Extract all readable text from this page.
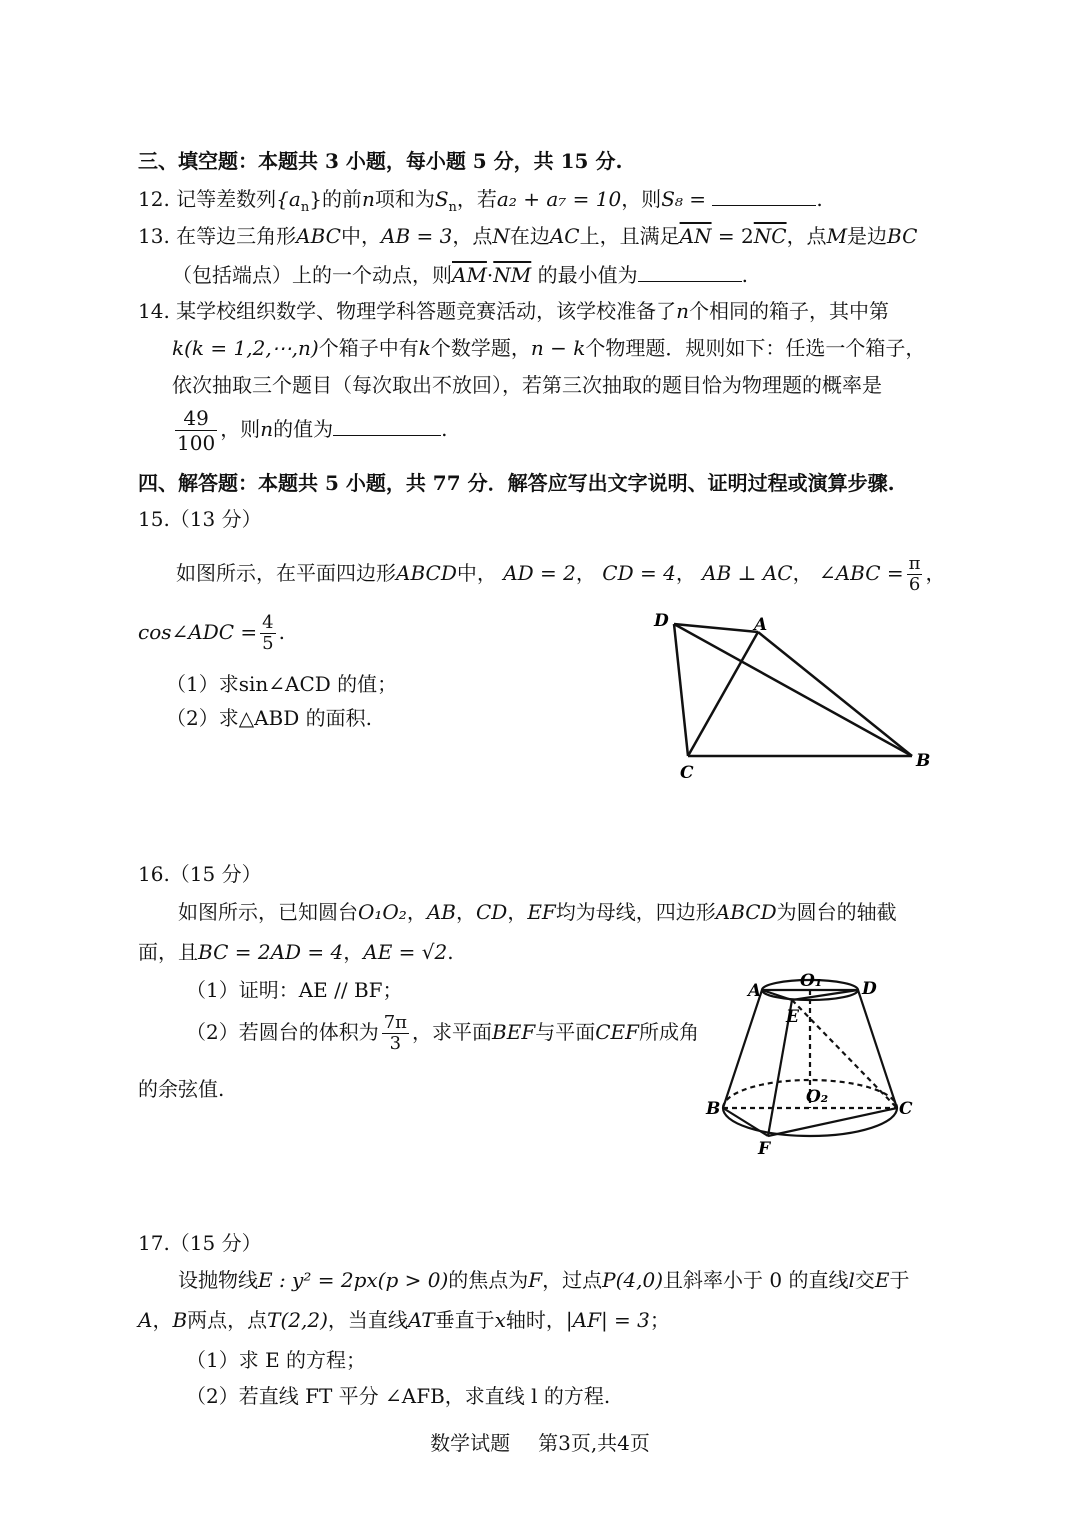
三、填空题：本题共 3 小题，每小题 5 分，共 15 分.
12. 记等差数列$\{a_n\}$的前n项和为$S_n$，若a₂ + a₇ = 10，则S₈ =	.
13. 在等边三角形ABC中，AB = 3，点N在边AC上，且满足$\overline{AN} = 2\overline{NC}$，点M是边BC
（包括端点）上的一个动点，则$\overline{AM}\cdot\overline{NM}$ 的最小值为	.
14. 某学校组织数学、物理学科答题竞赛活动，该学校准备了n个相同的箱子，其中第
k(k = 1,2,⋯,n)个箱子中有k个数学题，n − k个物理题．规则如下：任选一个箱子，
依次抽取三个题目（每次取出不放回），若第三次抽取的题目恰为物理题的概率是
$\frac{49}{100}$ ，则n的值为	.
四、解答题：本题共 5 小题，共 77 分．解答应写出文字说明、证明过程或演算步骤.
15.（13 分）
如图所示，在平面四边形ABCD中， AD = 2， CD = 4， AB ⊥ AC， ∠ABC = $\frac{\pi}{6}$ ，
cos∠ADC = $\frac{4}{5}$ .
（1）求sin∠ACD 的值；
（2）求△ABD 的面积.
D	A
B
C
16.（15 分）
如图所示，已知圆台O₁O₂，AB，CD，EF均为母线，四边形ABCD为圆台的轴截
面，且BC = 2AD = 4，AE = √2.
（1）证明：AE // BF；
（2）若圆台的体积为 $\frac{7\pi}{3}$ ，求平面BEF与平面CEF所成角
的余弦值.
A	D
O₁
E
O₂
B	C
F
17.（15 分）
设抛物线E : y² = 2px(p > 0)的焦点为F，过点P(4,0)且斜率小于 0 的直线l交E于
A，B两点，点T(2,2)，当直线AT垂直于x轴时，|AF| = 3；
（1）求 E 的方程；
（2）若直线 FT 平分 ∠AFB，求直线 l 的方程.
数学试题 第3页,共4页
